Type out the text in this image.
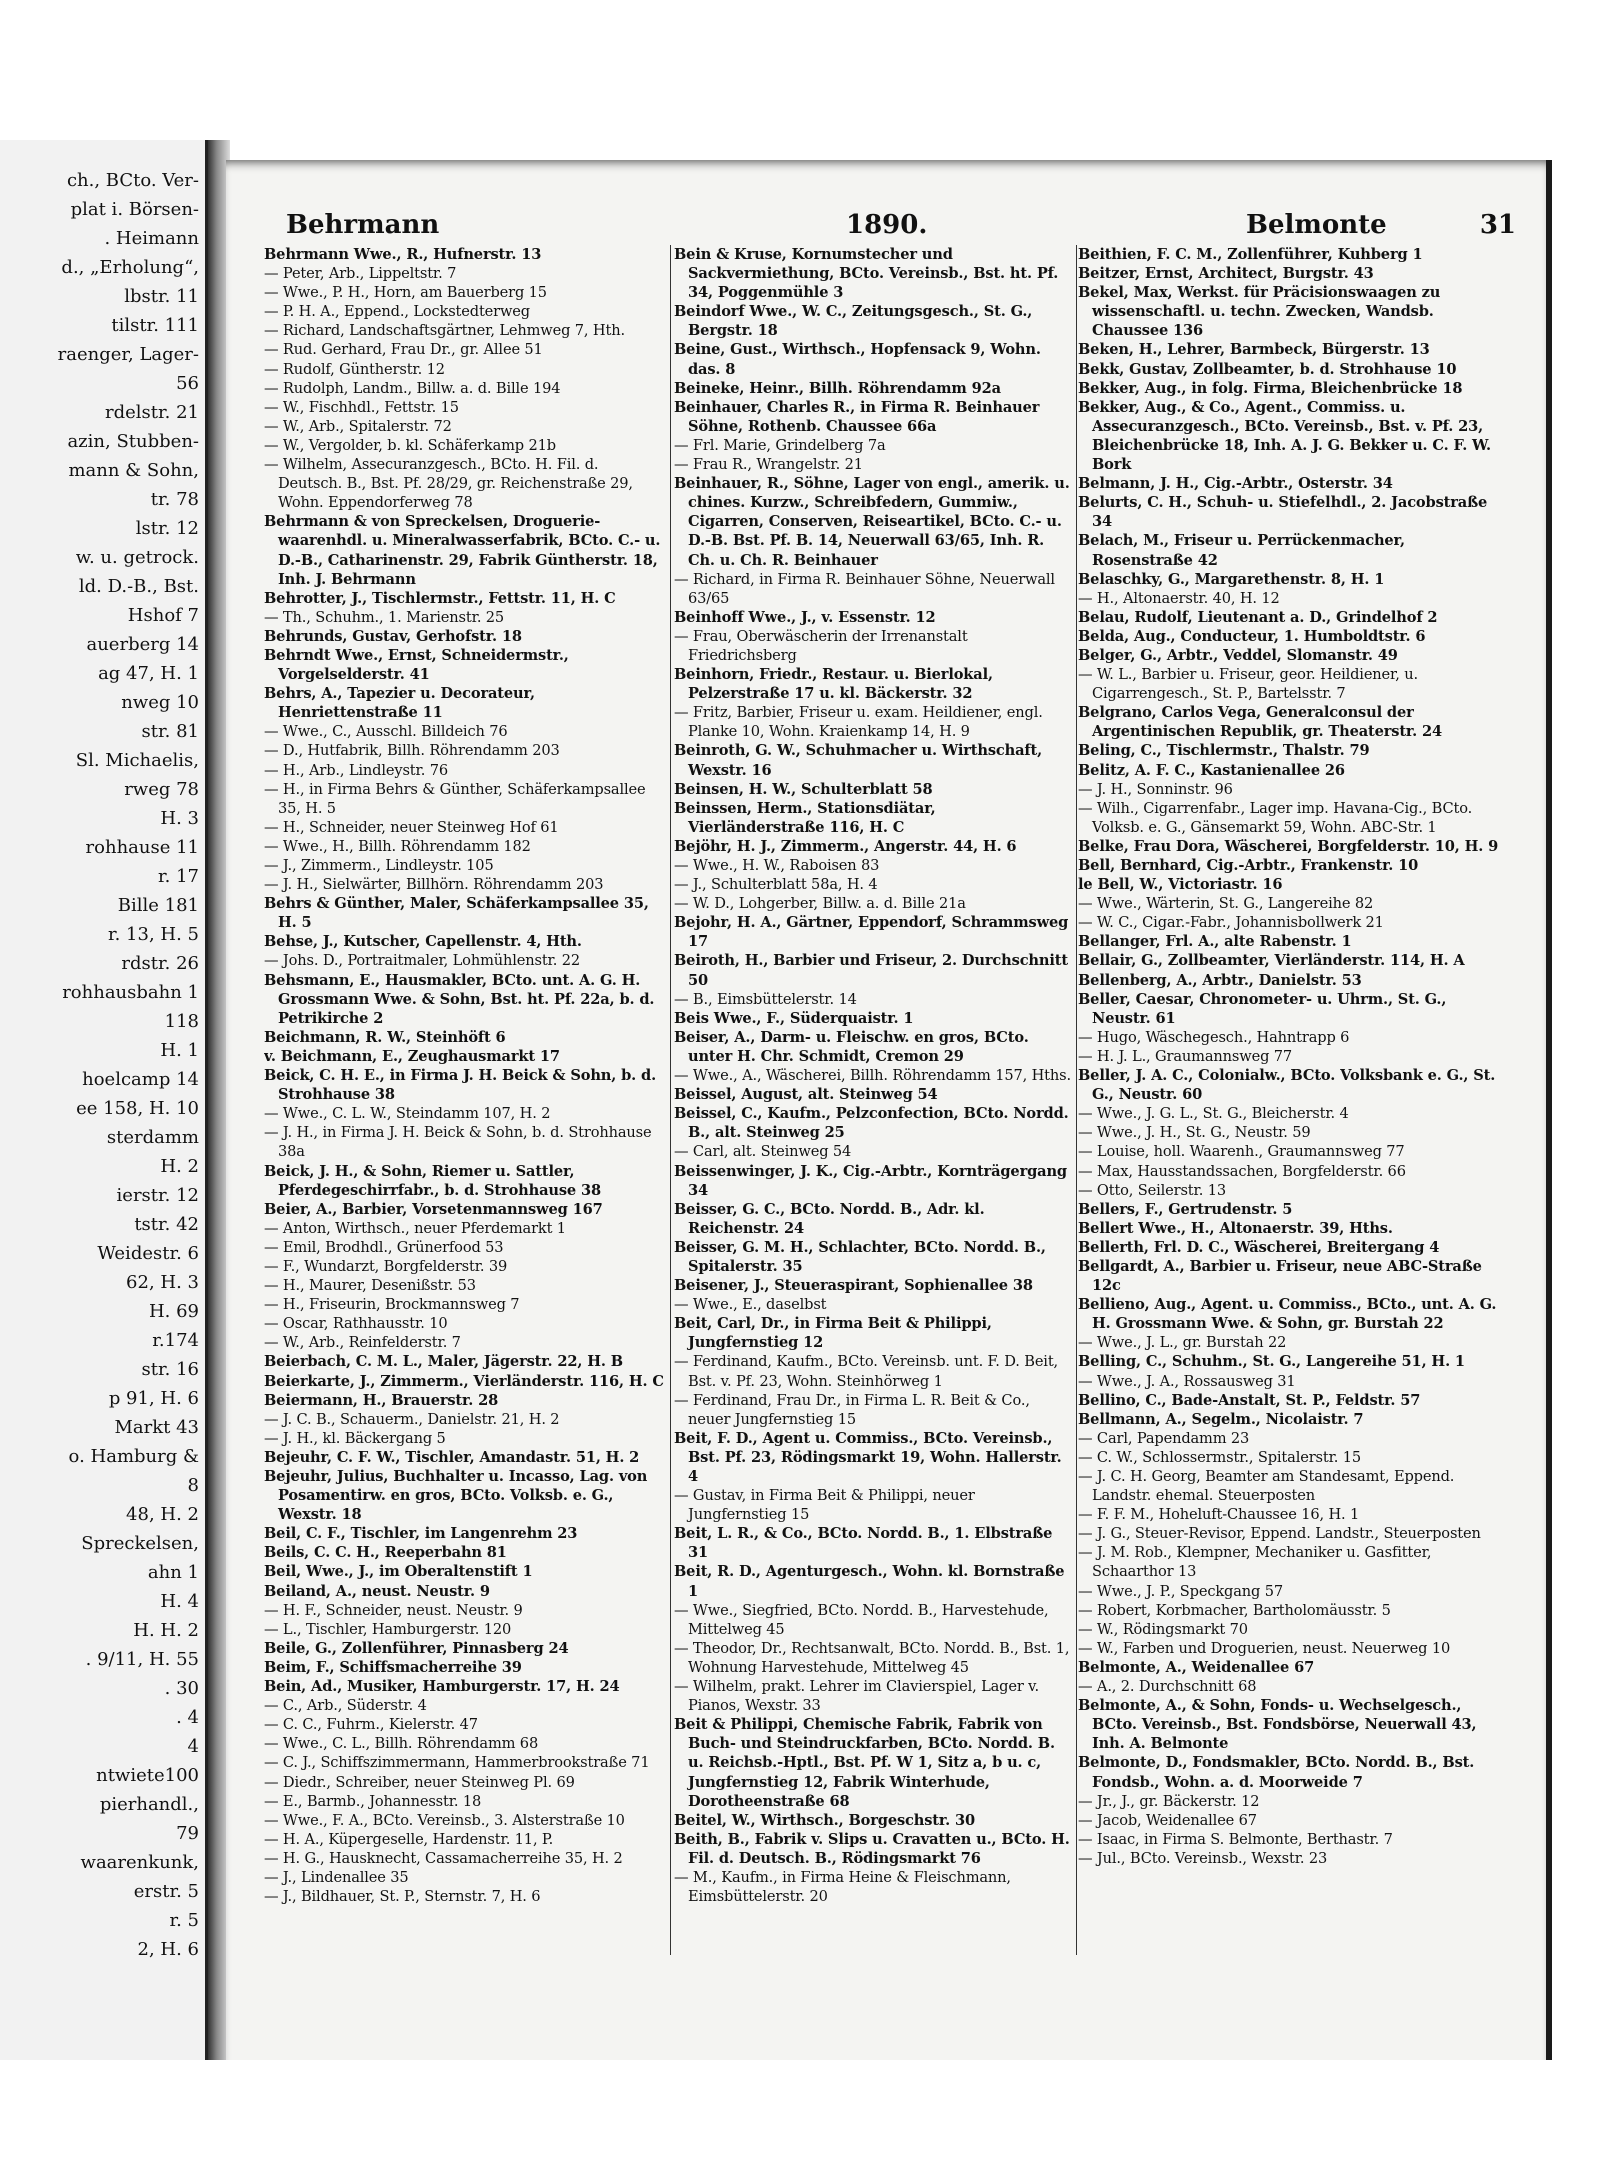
ch., BCto. Ver-
plat i. Börsen-
. Heimann
d., „Erholung“,
lbstr. 11
tilstr. 111
raenger, Lager-
56
rdelstr. 21
azin, Stubben-
mann & Sohn,
tr. 78
lstr. 12
w. u. getrock.
ld. D.-B., Bst.
Hshof 7
auerberg 14
ag 47, H. 1
nweg 10
str. 81
Sl. Michaelis,
rweg 78
H. 3
rohhause 11
r. 17
Bille 181
r. 13, H. 5
rdstr. 26
rohhausbahn 1
118
H. 1
hoelcamp 14
ee 158, H. 10
sterdamm
H. 2
ierstr. 12
tstr. 42
Weidestr. 6
62, H. 3
H. 69
r.174
str. 16
p 91, H. 6
Markt 43
o. Hamburg &
8
48, H. 2
Spreckelsen,
ahn 1
H. 4
H. H. 2
. 9/11, H. 55
. 30
. 4
4
ntwiete100
pierhandl.,
79
waarenkunk,
erstr. 5
r. 5
2, H. 6
Behrmann	1890.	Belmonte	31

Behrmann Wwe., R., Hufnerstr. 13

— Peter, Arb., Lippeltstr. 7

— Wwe., P. H., Horn, am Bauerberg 15

— P. H. A., Eppend., Lockstedterweg

— Richard, Landschaftsgärtner, Lehmweg 7, Hth.

— Rud. Gerhard, Frau Dr., gr. Allee 51

— Rudolf, Güntherstr. 12

— Rudolph, Landm., Billw. a. d. Bille 194

— W., Fischhdl., Fettstr. 15

— W., Arb., Spitalerstr. 72

— W., Vergolder, b. kl. Schäferkamp 21b

— Wilhelm, Assecuranzgesch., BCto. H. Fil. d. Deutsch. B., Bst. Pf. 28/29, gr. Reichenstraße 29, Wohn. Eppendorferweg 78

Behrmann & von Spreckelsen, Droguerie-waarenhdl. u. Mineralwasserfabrik, BCto. C.- u. D.-B., Catharinenstr. 29, Fabrik Güntherstr. 18, Inh. J. Behrmann

Behrotter, J., Tischlermstr., Fettstr. 11, H. C

— Th., Schuhm., 1. Marienstr. 25

Behrunds, Gustav, Gerhofstr. 18

Behrndt Wwe., Ernst, Schneidermstr., Vorgelselderstr. 41

Behrs, A., Tapezier u. Decorateur, Henriettenstraße 11

— Wwe., C., Ausschl. Billdeich 76

— D., Hutfabrik, Billh. Röhrendamm 203

— H., Arb., Lindleystr. 76

— H., in Firma Behrs & Günther, Schäferkampsallee 35, H. 5

— H., Schneider, neuer Steinweg Hof 61

— Wwe., H., Billh. Röhrendamm 182

— J., Zimmerm., Lindleystr. 105

— J. H., Sielwärter, Billhörn. Röhrendamm 203

Behrs & Günther, Maler, Schäferkampsallee 35, H. 5

Behse, J., Kutscher, Capellenstr. 4, Hth.

— Johs. D., Portraitmaler, Lohmühlenstr. 22

Behsmann, E., Hausmakler, BCto. unt. A. G. H. Grossmann Wwe. & Sohn, Bst. ht. Pf. 22a, b. d. Petrikirche 2

Beichmann, R. W., Steinhöft 6

v. Beichmann, E., Zeughausmarkt 17

Beick, C. H. E., in Firma J. H. Beick & Sohn, b. d. Strohhause 38

— Wwe., C. L. W., Steindamm 107, H. 2

— J. H., in Firma J. H. Beick & Sohn, b. d. Strohhause 38a

Beick, J. H., & Sohn, Riemer u. Sattler, Pferdegeschirrfabr., b. d. Strohhause 38

Beier, A., Barbier, Vorsetenmannsweg 167

— Anton, Wirthsch., neuer Pferdemarkt 1

— Emil, Brodhdl., Grünerfood 53

— F., Wundarzt, Borgfelderstr. 39

— H., Maurer, Desenißstr. 53

— H., Friseurin, Brockmannsweg 7

— Oscar, Rathhausstr. 10

— W., Arb., Reinfelderstr. 7

Beierbach, C. M. L., Maler, Jägerstr. 22, H. B

Beierkarte, J., Zimmerm., Vierländerstr. 116, H. C

Beiermann, H., Brauerstr. 28

— J. C. B., Schauerm., Danielstr. 21, H. 2

— J. H., kl. Bäckergang 5

Bejeuhr, C. F. W., Tischler, Amandastr. 51, H. 2

Bejeuhr, Julius, Buchhalter u. Incasso, Lag. von Posamentirw. en gros, BCto. Volksb. e. G., Wexstr. 18

Beil, C. F., Tischler, im Langenrehm 23

Beils, C. C. H., Reeperbahn 81

Beil, Wwe., J., im Oberaltenstift 1

Beiland, A., neust. Neustr. 9

— H. F., Schneider, neust. Neustr. 9

— L., Tischler, Hamburgerstr. 120

Beile, G., Zollenführer, Pinnasberg 24

Beim, F., Schiffsmacherreihe 39

Bein, Ad., Musiker, Hamburgerstr. 17, H. 24

— C., Arb., Süderstr. 4

— C. C., Fuhrm., Kielerstr. 47

— Wwe., C. L., Billh. Röhrendamm 68

— C. J., Schiffszimmermann, Hammerbrookstraße 71

— Diedr., Schreiber, neuer Steinweg Pl. 69

— E., Barmb., Johannesstr. 18

— Wwe., F. A., BCto. Vereinsb., 3. Alsterstraße 10

— H. A., Küpergeselle, Hardenstr. 11, P.

— H. G., Hausknecht, Cassamacherreihe 35, H. 2

— J., Lindenallee 35

— J., Bildhauer, St. P., Sternstr. 7, H. 6

Bein & Kruse, Kornumstecher und Sackvermiethung, BCto. Vereinsb., Bst. ht. Pf. 34, Poggenmühle 3

Beindorf Wwe., W. C., Zeitungsgesch., St. G., Bergstr. 18

Beine, Gust., Wirthsch., Hopfensack 9, Wohn. das. 8

Beineke, Heinr., Billh. Röhrendamm 92a

Beinhauer, Charles R., in Firma R. Beinhauer Söhne, Rothenb. Chaussee 66a

— Frl. Marie, Grindelberg 7a

— Frau R., Wrangelstr. 21

Beinhauer, R., Söhne, Lager von engl., amerik. u. chines. Kurzw., Schreibfedern, Gummiw., Cigarren, Conserven, Reiseartikel, BCto. C.- u. D.-B. Bst. Pf. B. 14, Neuerwall 63/65, Inh. R. Ch. u. Ch. R. Beinhauer

— Richard, in Firma R. Beinhauer Söhne, Neuerwall 63/65

Beinhoff Wwe., J., v. Essenstr. 12

— Frau, Oberwäscherin der Irrenanstalt Friedrichsberg

Beinhorn, Friedr., Restaur. u. Bierlokal, Pelzerstraße 17 u. kl. Bäckerstr. 32

— Fritz, Barbier, Friseur u. exam. Heildiener, engl. Planke 10, Wohn. Kraienkamp 14, H. 9

Beinroth, G. W., Schuhmacher u. Wirthschaft, Wexstr. 16

Beinsen, H. W., Schulterblatt 58

Beinssen, Herm., Stationsdiätar, Vierländerstraße 116, H. C

Bejöhr, H. J., Zimmerm., Angerstr. 44, H. 6

— Wwe., H. W., Raboisen 83

— J., Schulterblatt 58a, H. 4

— W. D., Lohgerber, Billw. a. d. Bille 21a

Bejohr, H. A., Gärtner, Eppendorf, Schrammsweg 17

Beiroth, H., Barbier und Friseur, 2. Durchschnitt 50

— B., Eimsbüttelerstr. 14

Beis Wwe., F., Süderquaistr. 1

Beiser, A., Darm- u. Fleischw. en gros, BCto. unter H. Chr. Schmidt, Cremon 29

— Wwe., A., Wäscherei, Billh. Röhrendamm 157, Hths.

Beissel, August, alt. Steinweg 54

Beissel, C., Kaufm., Pelzconfection, BCto. Nordd. B., alt. Steinweg 25

— Carl, alt. Steinweg 54

Beissenwinger, J. K., Cig.-Arbtr., Kornträgergang 34

Beisser, G. C., BCto. Nordd. B., Adr. kl. Reichenstr. 24

Beisser, G. M. H., Schlachter, BCto. Nordd. B., Spitalerstr. 35

Beisener, J., Steueraspirant, Sophienallee 38

— Wwe., E., daselbst

Beit, Carl, Dr., in Firma Beit & Philippi, Jungfernstieg 12

— Ferdinand, Kaufm., BCto. Vereinsb. unt. F. D. Beit, Bst. v. Pf. 23, Wohn. Steinhörweg 1

— Ferdinand, Frau Dr., in Firma L. R. Beit & Co., neuer Jungfernstieg 15

Beit, F. D., Agent u. Commiss., BCto. Vereinsb., Bst. Pf. 23, Rödingsmarkt 19, Wohn. Hallerstr. 4

— Gustav, in Firma Beit & Philippi, neuer Jungfernstieg 15

Beit, L. R., & Co., BCto. Nordd. B., 1. Elbstraße 31

Beit, R. D., Agenturgesch., Wohn. kl. Bornstraße 1

— Wwe., Siegfried, BCto. Nordd. B., Harvestehude, Mittelweg 45

— Theodor, Dr., Rechtsanwalt, BCto. Nordd. B., Bst. 1, Wohnung Harvestehude, Mittelweg 45

— Wilhelm, prakt. Lehrer im Clavierspiel, Lager v. Pianos, Wexstr. 33

Beit & Philippi, Chemische Fabrik, Fabrik von Buch- und Steindruckfarben, BCto. Nordd. B. u. Reichsb.-Hptl., Bst. Pf. W 1, Sitz a, b u. c, Jungfernstieg 12, Fabrik Winterhude, Dorotheenstraße 68

Beitel, W., Wirthsch., Borgeschstr. 30

Beith, B., Fabrik v. Slips u. Cravatten u., BCto. H. Fil. d. Deutsch. B., Rödingsmarkt 76

— M., Kaufm., in Firma Heine & Fleischmann, Eimsbüttelerstr. 20

Beithien, F. C. M., Zollenführer, Kuhberg 1

Beitzer, Ernst, Architect, Burgstr. 43

Bekel, Max, Werkst. für Präcisionswaagen zu wissenschaftl. u. techn. Zwecken, Wandsb. Chaussee 136

Beken, H., Lehrer, Barmbeck, Bürgerstr. 13

Bekk, Gustav, Zollbeamter, b. d. Strohhause 10

Bekker, Aug., in folg. Firma, Bleichenbrücke 18

Bekker, Aug., & Co., Agent., Commiss. u. Assecuranzgesch., BCto. Vereinsb., Bst. v. Pf. 23, Bleichenbrücke 18, Inh. A. J. G. Bekker u. C. F. W. Bork

Belmann, J. H., Cig.-Arbtr., Osterstr. 34

Belurts, C. H., Schuh- u. Stiefelhdl., 2. Jacobstraße 34

Belach, M., Friseur u. Perrückenmacher, Rosenstraße 42

Belaschky, G., Margarethenstr. 8, H. 1

— H., Altonaerstr. 40, H. 12

Belau, Rudolf, Lieutenant a. D., Grindelhof 2

Belda, Aug., Conducteur, 1. Humboldtstr. 6

Belger, G., Arbtr., Veddel, Slomanstr. 49

— W. L., Barbier u. Friseur, geor. Heildiener, u. Cigarrengesch., St. P., Bartelsstr. 7

Belgrano, Carlos Vega, Generalconsul der Argentinischen Republik, gr. Theaterstr. 24

Beling, C., Tischlermstr., Thalstr. 79

Belitz, A. F. C., Kastanienallee 26

— J. H., Sonninstr. 96

— Wilh., Cigarrenfabr., Lager imp. Havana-Cig., BCto. Volksb. e. G., Gänsemarkt 59, Wohn. ABC-Str. 1

Belke, Frau Dora, Wäscherei, Borgfelderstr. 10, H. 9

Bell, Bernhard, Cig.-Arbtr., Frankenstr. 10

le Bell, W., Victoriastr. 16

— Wwe., Wärterin, St. G., Langereihe 82

— W. C., Cigar.-Fabr., Johannisbollwerk 21

Bellanger, Frl. A., alte Rabenstr. 1

Bellair, G., Zollbeamter, Vierländerstr. 114, H. A

Bellenberg, A., Arbtr., Danielstr. 53

Beller, Caesar, Chronometer- u. Uhrm., St. G., Neustr. 61

— Hugo, Wäschegesch., Hahntrapp 6

— H. J. L., Graumannsweg 77

Beller, J. A. C., Colonialw., BCto. Volksbank e. G., St. G., Neustr. 60

— Wwe., J. G. L., St. G., Bleicherstr. 4

— Wwe., J. H., St. G., Neustr. 59

— Louise, holl. Waarenh., Graumannsweg 77

— Max, Hausstandssachen, Borgfelderstr. 66

— Otto, Seilerstr. 13

Bellers, F., Gertrudenstr. 5

Bellert Wwe., H., Altonaerstr. 39, Hths.

Bellerth, Frl. D. C., Wäscherei, Breitergang 4

Bellgardt, A., Barbier u. Friseur, neue ABC-Straße 12c

Bellieno, Aug., Agent. u. Commiss., BCto., unt. A. G. H. Grossmann Wwe. & Sohn, gr. Burstah 22

— Wwe., J. L., gr. Burstah 22

Belling, C., Schuhm., St. G., Langereihe 51, H. 1

— Wwe., J. A., Rossausweg 31

Bellino, C., Bade-Anstalt, St. P., Feldstr. 57

Bellmann, A., Segelm., Nicolaistr. 7

— Carl, Papendamm 23

— C. W., Schlossermstr., Spitalerstr. 15

— J. C. H. Georg, Beamter am Standesamt, Eppend. Landstr. ehemal. Steuerposten

— F. F. M., Hoheluft-Chaussee 16, H. 1

— J. G., Steuer-Revisor, Eppend. Landstr., Steuerposten

— J. M. Rob., Klempner, Mechaniker u. Gasfitter, Schaarthor 13

— Wwe., J. P., Speckgang 57

— Robert, Korbmacher, Bartholomäusstr. 5

— W., Rödingsmarkt 70

— W., Farben und Droguerien, neust. Neuerweg 10

Belmonte, A., Weidenallee 67

— A., 2. Durchschnitt 68

Belmonte, A., & Sohn, Fonds- u. Wechselgesch., BCto. Vereinsb., Bst. Fondsbörse, Neuerwall 43, Inh. A. Belmonte

Belmonte, D., Fondsmakler, BCto. Nordd. B., Bst. Fondsb., Wohn. a. d. Moorweide 7

— Jr., J., gr. Bäckerstr. 12

— Jacob, Weidenallee 67

— Isaac, in Firma S. Belmonte, Berthastr. 7

— Jul., BCto. Vereinsb., Wexstr. 23
